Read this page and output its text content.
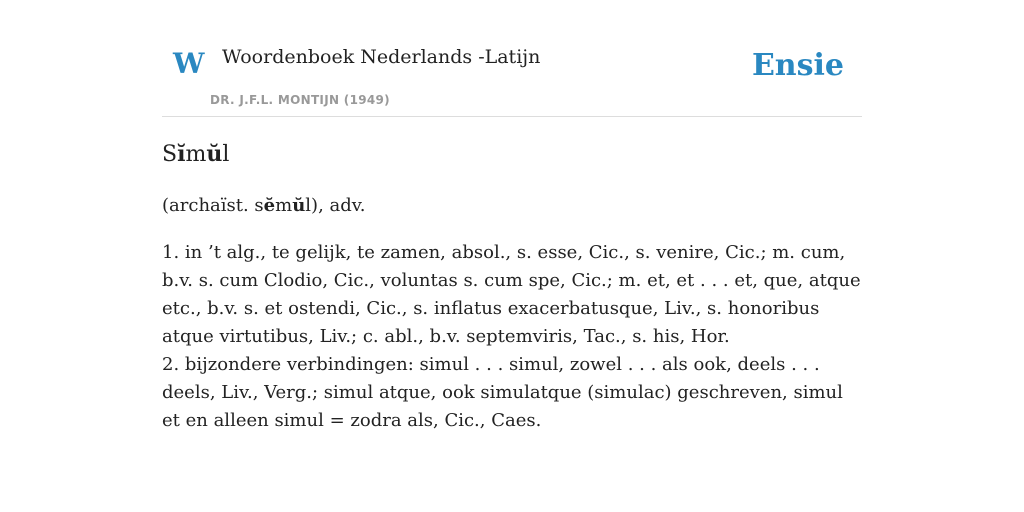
W Woordenboek Nederlands -Latijn
DR. J.F.L. MONTIJN (1949)
Ensie
Sĭmŭl

(archaïst. sĕmŭl), adv.

1. in ’t alg., te gelijk, te zamen, absol., s. esse, Cic., s. venire, Cic.; m. cum, b.v. s. cum Clodio, Cic., voluntas s. cum spe, Cic.; m. et, et . . . et, que, atque etc., b.v. s. et ostendi, Cic., s. inflatus exacerbatusque, Liv., s. honoribus atque virtutibus, Liv.; c. abl., b.v. septemviris, Tac., s. his, Hor.

2. bijzondere verbindingen: simul . . . simul, zowel . . . als ook, deels . . . deels, Liv., Verg.; simul atque, ook simulatque (simulac) geschreven, simul et en alleen simul = zodra als, Cic., Caes.
